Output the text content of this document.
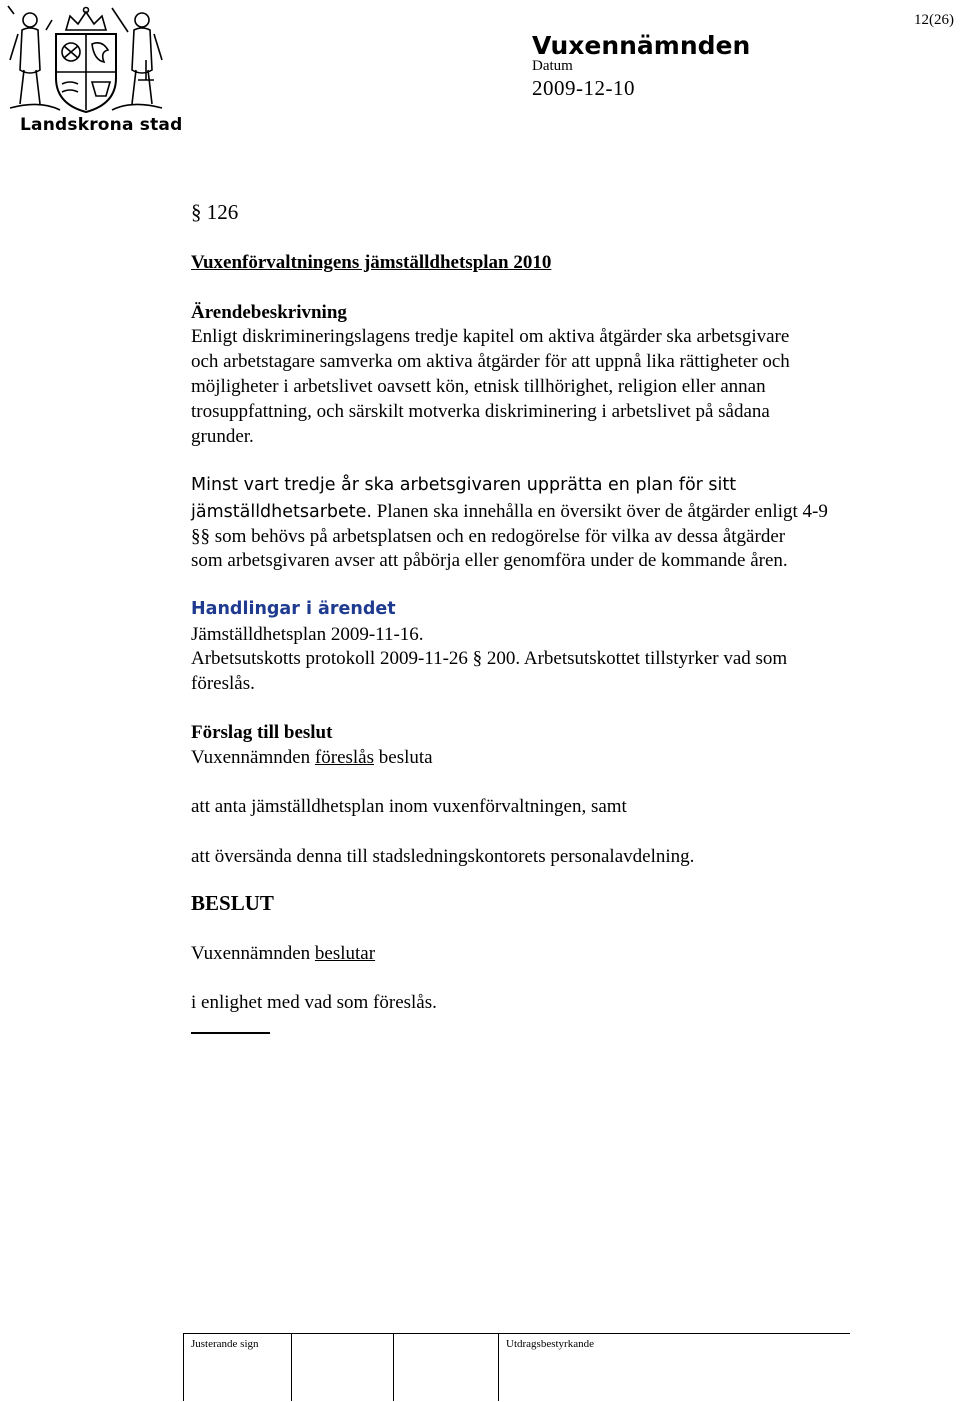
Landskrona stad
12(26)
Vuxennämnden
Datum
2009-12-10
§ 126
Vuxenförvaltningens jämställdhetsplan 2010
Ärendebeskrivning
Enligt diskrimineringslagens tredje kapitel om aktiva åtgärder ska arbetsgivare
och arbetstagare samverka om aktiva åtgärder för att uppnå lika rättigheter och
möjligheter i arbetslivet oavsett kön, etnisk tillhörighet, religion eller annan
trosuppfattning, och särskilt motverka diskriminering i arbetslivet på sådana
grunder.
Minst vart tredje år ska arbetsgivaren upprätta en plan för sitt
jämställdhetsarbete. Planen ska innehålla en översikt över de åtgärder enligt 4-9
§§ som behövs på arbetsplatsen och en redogörelse för vilka av dessa åtgärder
som arbetsgivaren avser att påbörja eller genomföra under de kommande åren.
Handlingar i ärendet
Jämställdhetsplan 2009-11-16.
Arbetsutskotts protokoll 2009-11-26 § 200. Arbetsutskottet tillstyrker vad som
föreslås.
Förslag till beslut
Vuxennämnden föreslås besluta
att anta jämställdhetsplan inom vuxenförvaltningen, samt
att översända denna till stadsledningskontorets personalavdelning.
BESLUT
Vuxennämnden beslutar
i enlighet med vad som föreslås.
Justerande sign	Utdragsbestyrkande
